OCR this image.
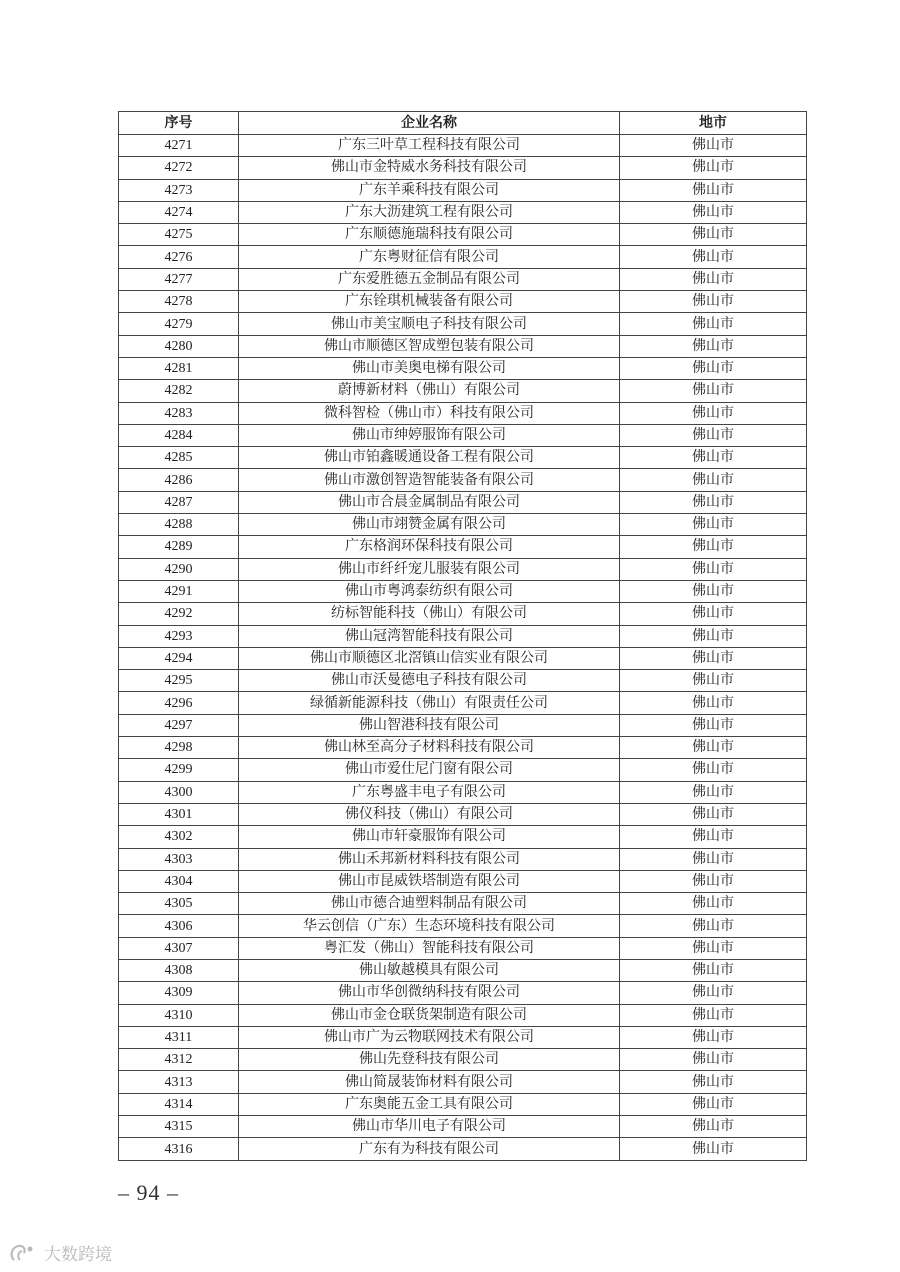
序号	企业名称	地市
4271	广东三叶草工程科技有限公司	佛山市
4272	佛山市金特威水务科技有限公司	佛山市
4273	广东羊乘科技有限公司	佛山市
4274	广东大沥建筑工程有限公司	佛山市
4275	广东顺德施瑞科技有限公司	佛山市
4276	广东粤财征信有限公司	佛山市
4277	广东爱胜德五金制品有限公司	佛山市
4278	广东铨琪机械装备有限公司	佛山市
4279	佛山市美宝顺电子科技有限公司	佛山市
4280	佛山市顺德区智成塑包装有限公司	佛山市
4281	佛山市美奥电梯有限公司	佛山市
4282	蔚博新材料（佛山）有限公司	佛山市
4283	微科智检（佛山市）科技有限公司	佛山市
4284	佛山市绅婷服饰有限公司	佛山市
4285	佛山市铂鑫暖通设备工程有限公司	佛山市
4286	佛山市激创智造智能装备有限公司	佛山市
4287	佛山市合晨金属制品有限公司	佛山市
4288	佛山市翊赞金属有限公司	佛山市
4289	广东格润环保科技有限公司	佛山市
4290	佛山市纤纤宠儿服装有限公司	佛山市
4291	佛山市粤鸿泰纺织有限公司	佛山市
4292	纺标智能科技（佛山）有限公司	佛山市
4293	佛山冠湾智能科技有限公司	佛山市
4294	佛山市顺德区北滘镇山信实业有限公司	佛山市
4295	佛山市沃曼德电子科技有限公司	佛山市
4296	绿循新能源科技（佛山）有限责任公司	佛山市
4297	佛山智港科技有限公司	佛山市
4298	佛山林至高分子材料科技有限公司	佛山市
4299	佛山市爱仕尼门窗有限公司	佛山市
4300	广东粤盛丰电子有限公司	佛山市
4301	佛仪科技（佛山）有限公司	佛山市
4302	佛山市轩豪服饰有限公司	佛山市
4303	佛山禾邦新材料科技有限公司	佛山市
4304	佛山市昆威铁塔制造有限公司	佛山市
4305	佛山市德合迪塑料制品有限公司	佛山市
4306	华云创信（广东）生态环境科技有限公司	佛山市
4307	粤汇发（佛山）智能科技有限公司	佛山市
4308	佛山敏越模具有限公司	佛山市
4309	佛山市华创微纳科技有限公司	佛山市
4310	佛山市金仓联货架制造有限公司	佛山市
4311	佛山市广为云物联网技术有限公司	佛山市
4312	佛山先登科技有限公司	佛山市
4313	佛山简晟装饰材料有限公司	佛山市
4314	广东奥能五金工具有限公司	佛山市
4315	佛山市华川电子有限公司	佛山市
4316	广东有为科技有限公司	佛山市
– 94 –
大数跨境
